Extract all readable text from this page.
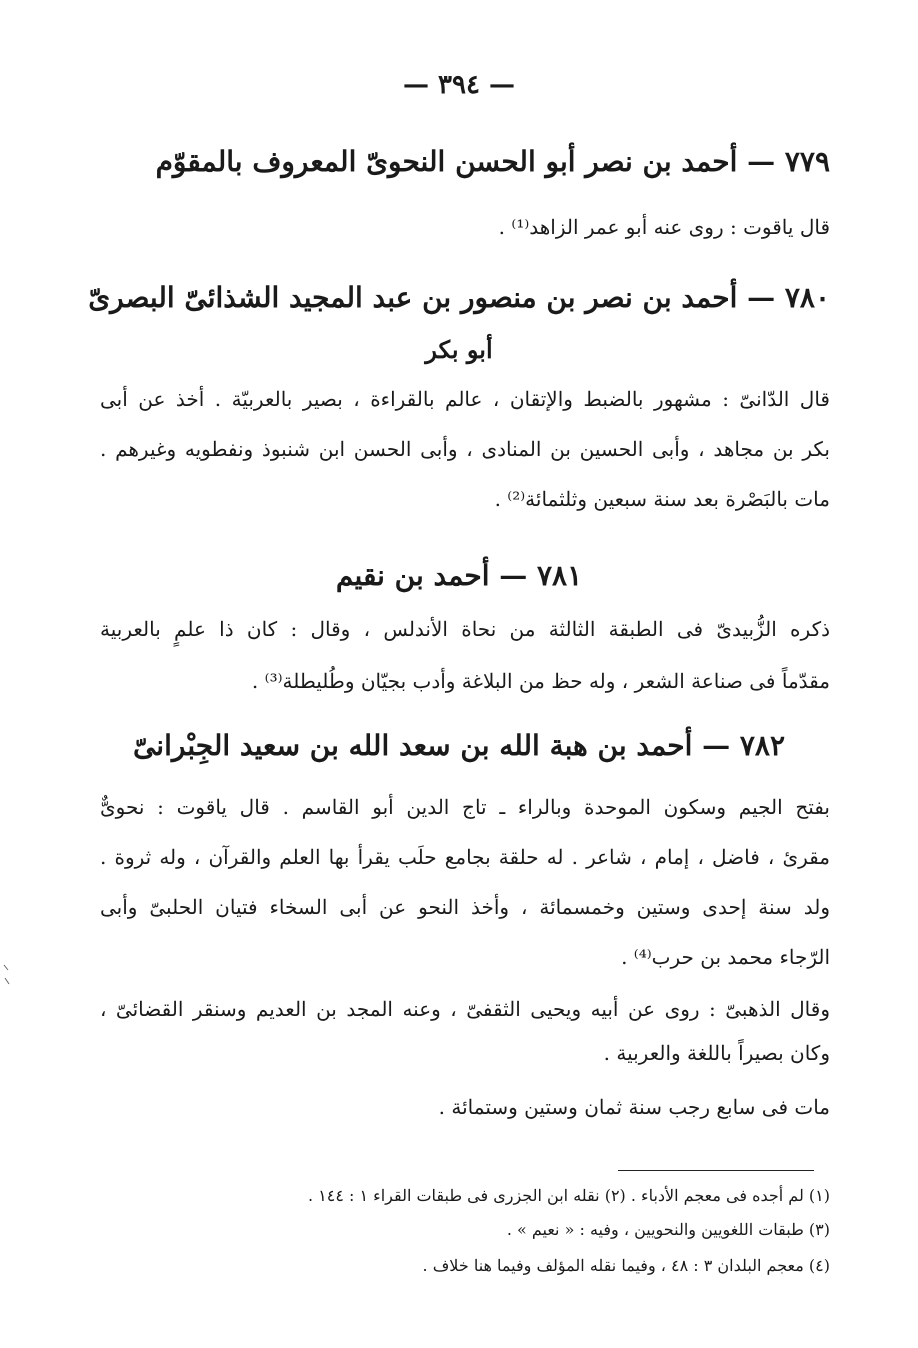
— ٣٩٤ —
٧٧٩ — أحمد بن نصر أبو الحسن النحوىّ المعروف بالمقوّم
قال ياقوت : روى عنه أبو عمر الزاهد⁽¹⁾ .
٧٨٠ — أحمد بن نصر بن منصور بن عبد المجيد الشذائىّ البصرىّ
أبو بكر
قال الدّانىّ : مشهور بالضبط والإتقان ، عالم بالقراءة ، بصير بالعربيّة . أخذ عن أبى
بكر بن مجاهد ، وأبى الحسين بن المنادى ، وأبى الحسن ابن شنبوذ ونفطويه وغيرهم .
مات بالبَصْرة بعد سنة سبعين وثلثمائة⁽²⁾ .
٧٨١ — أحمد بن نقيم
ذكره الزُّبيدىّ فى الطبقة الثالثة من نحاة الأندلس ، وقال : كان ذا علمٍ بالعربية
مقدّماً فى صناعة الشعر ، وله حظ من البلاغة وأدب بجيّان وطُليطلة⁽³⁾ .
٧٨٢ — أحمد بن هبة الله بن سعد الله بن سعيد الجِبْرانىّ
بفتح الجيم وسكون الموحدة وبالراء ـ تاج الدين أبو القاسم . قال ياقوت : نحوىٌّ
مقرئ ، فاضل ، إمام ، شاعر . له حلقة بجامع حلَب يقرأ بها العلم والقرآن ، وله ثروة .
ولد سنة إحدى وستين وخمسمائة ، وأخذ النحو عن أبى السخاء فتيان الحلبىّ وأبى
الرّجاء محمد بن حرب⁽⁴⁾ .
وقال الذهبىّ : روى عن أبيه ويحيى الثقفىّ ، وعنه المجد بن العديم وسنقر القضائىّ ،
وكان بصيراً باللغة والعربية .
مات فى سابع رجب سنة ثمان وستين وستمائة .
(١) لم أجده فى معجم الأدباء . (٢) نقله ابن الجزرى فى طبقات القراء ١ : ١٤٤ .
(٣) طبقات اللغويين والنحويين ، وفيه : « نعيم » .
(٤) معجم البلدان ٣ : ٤٨ ، وفيما نقله المؤلف وفيما هنا خلاف .
